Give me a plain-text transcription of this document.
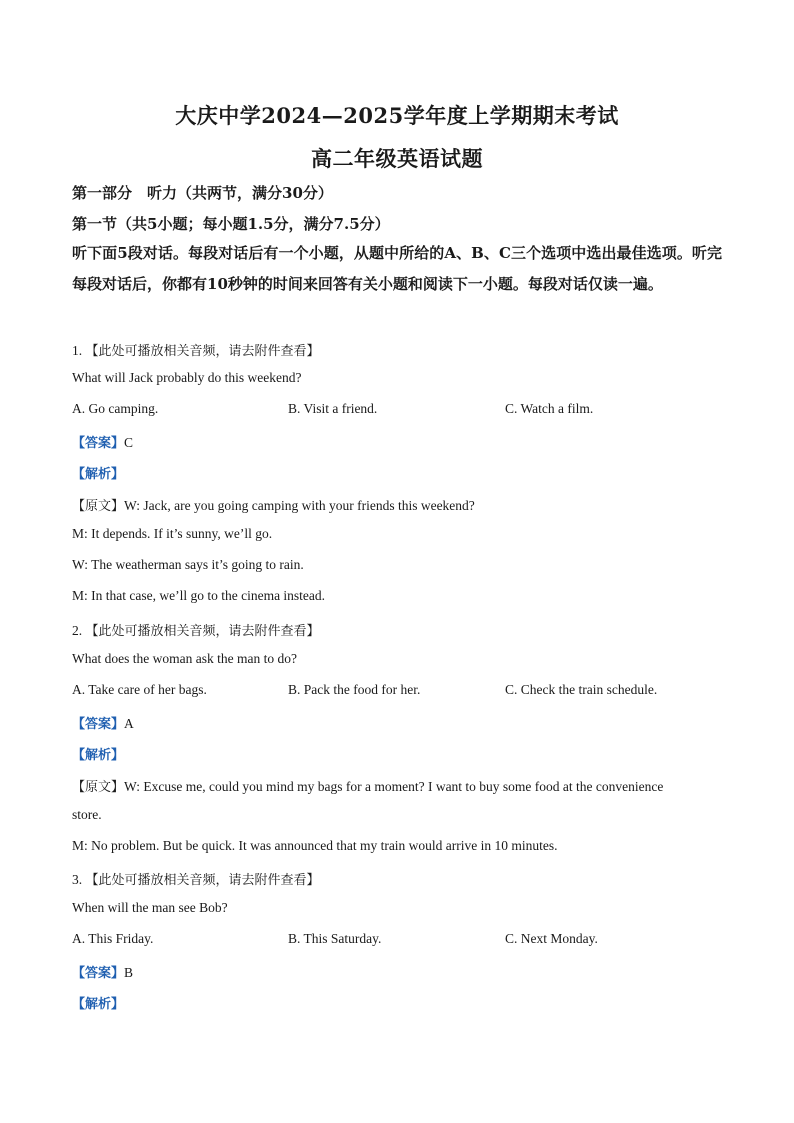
大庆中学2024—2025学年度上学期期末考试
高二年级英语试题
第一部分　听力（共两节，满分30分）
第一节（共5小题；每小题1.5分，满分7.5分）
听下面5段对话。每段对话后有一个小题，从题中所给的A、B、C三个选项中选出最佳选项。听完每段对话后，你都有10秒钟的时间来回答有关小题和阅读下一小题。每段对话仅读一遍。
1. 【此处可播放相关音频，请去附件查看】
What will Jack probably do this weekend?
A. Go camping.	B. Visit a friend.	C. Watch a film.
【答案】C
【解析】
【原文】W: Jack, are you going camping with your friends this weekend?
M: It depends. If it’s sunny, we’ll go.
W: The weatherman says it’s going to rain.
M: In that case, we’ll go to the cinema instead.
2. 【此处可播放相关音频，请去附件查看】
What does the woman ask the man to do?
A. Take care of her bags.	B. Pack the food for her.	C. Check the train schedule.
【答案】A
【解析】
【原文】W: Excuse me, could you mind my bags for a moment? I want to buy some food at the convenience
store.
M: No problem. But be quick. It was announced that my train would arrive in 10 minutes.
3. 【此处可播放相关音频，请去附件查看】
When will the man see Bob?
A. This Friday.	B. This Saturday.	C. Next Monday.
【答案】B
【解析】
